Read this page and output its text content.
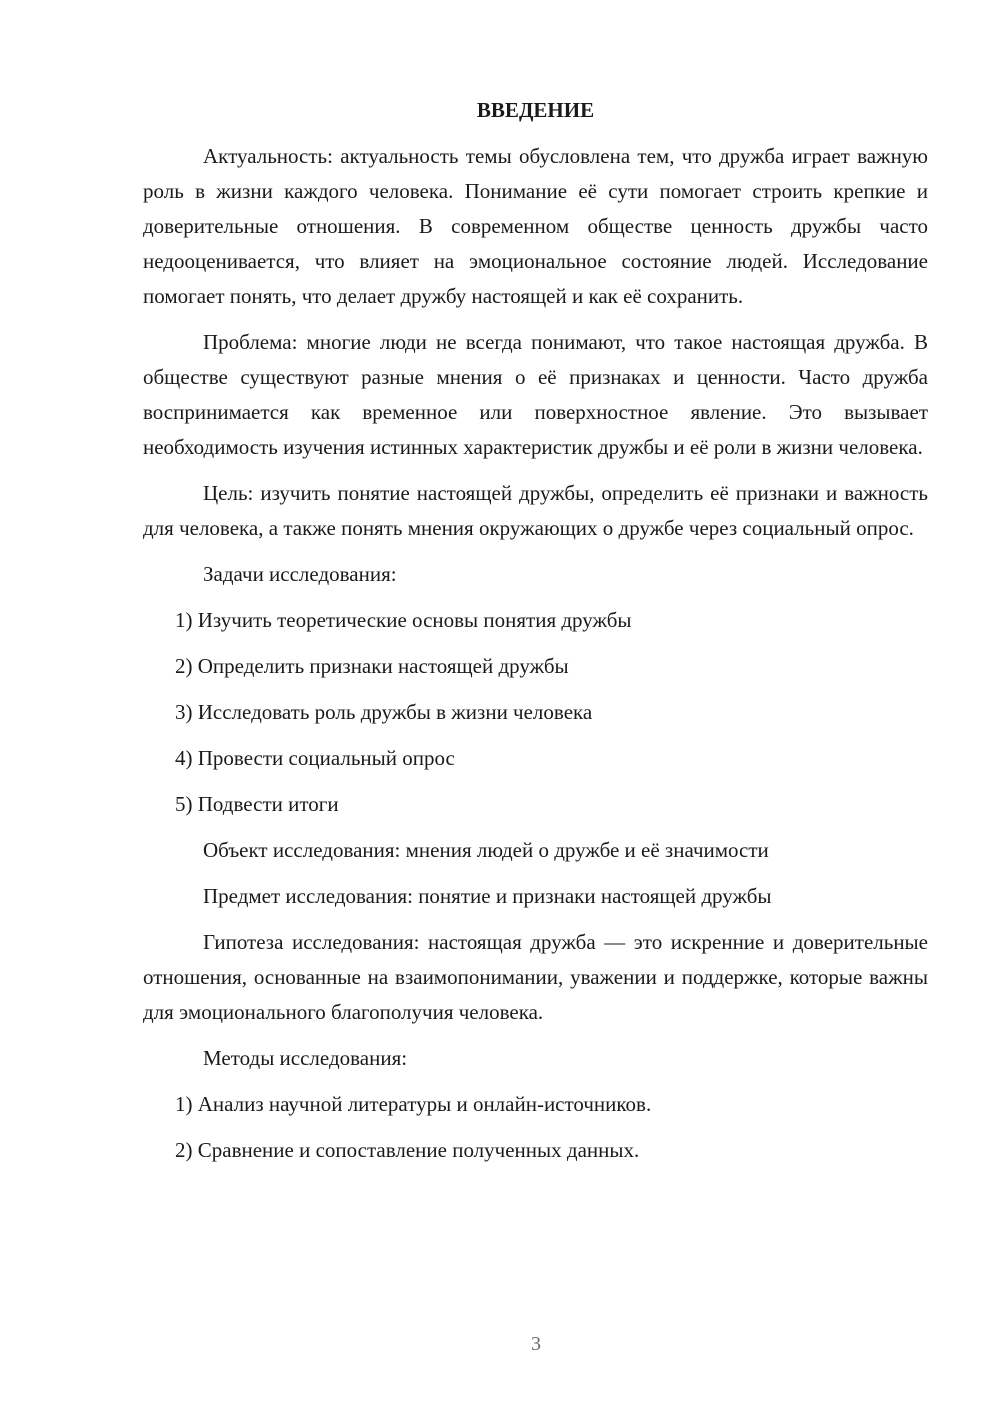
ВВЕДЕНИЕ

Актуальность: актуальность темы обусловлена тем, что дружба играет важную роль в жизни каждого человека. Понимание её сути помогает строить крепкие и доверительные отношения. В современном обществе ценность дружбы часто недооценивается, что влияет на эмоциональное состояние людей. Исследование помогает понять, что делает дружбу настоящей и как её сохранить.

Проблема: многие люди не всегда понимают, что такое настоящая дружба. В обществе существуют разные мнения о её признаках и ценности. Часто дружба воспринимается как временное или поверхностное явление. Это вызывает необходимость изучения истинных характеристик дружбы и её роли в жизни человека.

Цель: изучить понятие настоящей дружбы, определить её признаки и важность для человека, а также понять мнения окружающих о дружбе через социальный опрос.

Задачи исследования:

1) Изучить теоретические основы понятия дружбы

2) Определить признаки настоящей дружбы

3) Исследовать роль дружбы в жизни человека

4) Провести социальный опрос

5) Подвести итоги

Объект исследования: мнения людей о дружбе и её значимости

Предмет исследования: понятие и признаки настоящей дружбы

Гипотеза исследования: настоящая дружба — это искренние и доверительные отношения, основанные на взаимопонимании, уважении и поддержке, которые важны для эмоционального благополучия человека.

Методы исследования:

1) Анализ научной литературы и онлайн-источников.

2) Сравнение и сопоставление полученных данных.

3
